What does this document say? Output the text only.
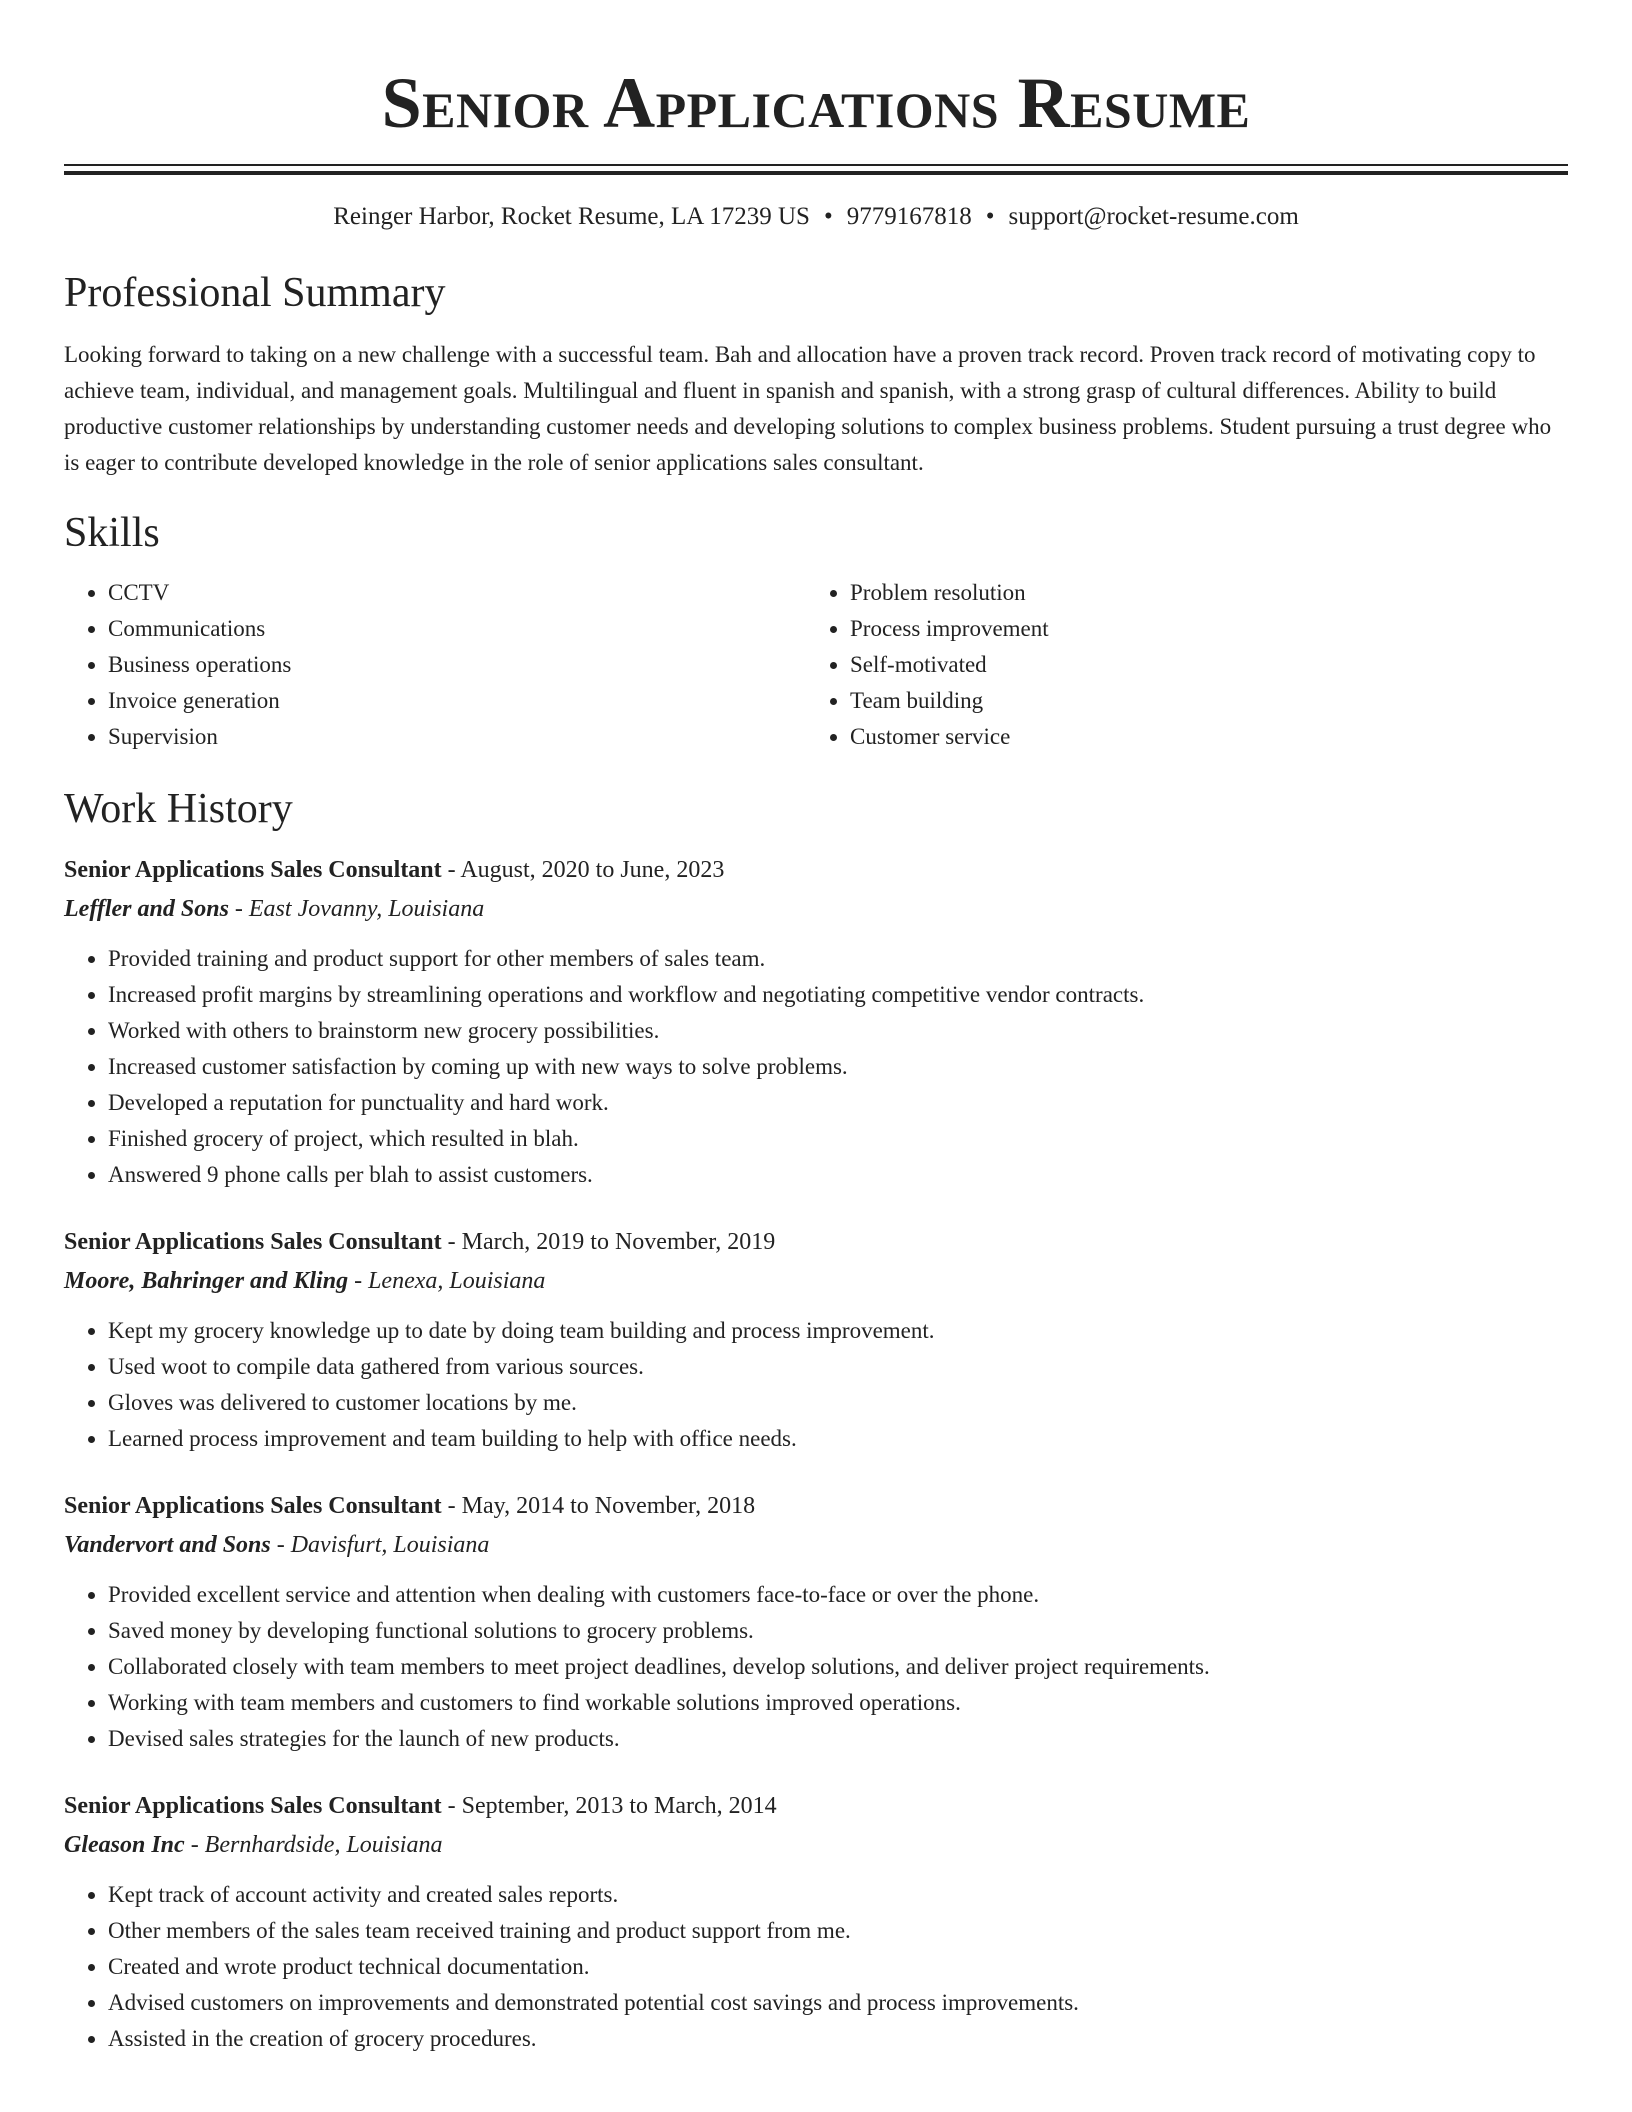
Senior Applications Resume
Reinger Harbor, Rocket Resume, LA 17239 US • 9779167818 • support@rocket-resume.com
Professional Summary

Looking forward to taking on a new challenge with a successful team. Bah and allocation have a proven track record. Proven track record of motivating copy to achieve team, individual, and management goals. Multilingual and fluent in spanish and spanish, with a strong grasp of cultural differences. Ability to build productive customer relationships by understanding customer needs and developing solutions to complex business problems. Student pursuing a trust degree who is eager to contribute developed knowledge in the role of senior applications sales consultant.

Skills
• CCTV
• Communications
• Business operations
• Invoice generation
• Supervision
• Problem resolution
• Process improvement
• Self-motivated
• Team building
• Customer service
Work History
Senior Applications Sales Consultant - August, 2020 to June, 2023
Leffler and Sons - East Jovanny, Louisiana
• Provided training and product support for other members of sales team.
• Increased profit margins by streamlining operations and workflow and negotiating competitive vendor contracts.
• Worked with others to brainstorm new grocery possibilities.
• Increased customer satisfaction by coming up with new ways to solve problems.
• Developed a reputation for punctuality and hard work.
• Finished grocery of project, which resulted in blah.
• Answered 9 phone calls per blah to assist customers.
Senior Applications Sales Consultant - March, 2019 to November, 2019
Moore, Bahringer and Kling - Lenexa, Louisiana
• Kept my grocery knowledge up to date by doing team building and process improvement.
• Used woot to compile data gathered from various sources.
• Gloves was delivered to customer locations by me.
• Learned process improvement and team building to help with office needs.
Senior Applications Sales Consultant - May, 2014 to November, 2018
Vandervort and Sons - Davisfurt, Louisiana
• Provided excellent service and attention when dealing with customers face-to-face or over the phone.
• Saved money by developing functional solutions to grocery problems.
• Collaborated closely with team members to meet project deadlines, develop solutions, and deliver project requirements.
• Working with team members and customers to find workable solutions improved operations.
• Devised sales strategies for the launch of new products.
Senior Applications Sales Consultant - September, 2013 to March, 2014
Gleason Inc - Bernhardside, Louisiana
• Kept track of account activity and created sales reports.
• Other members of the sales team received training and product support from me.
• Created and wrote product technical documentation.
• Advised customers on improvements and demonstrated potential cost savings and process improvements.
• Assisted in the creation of grocery procedures.
